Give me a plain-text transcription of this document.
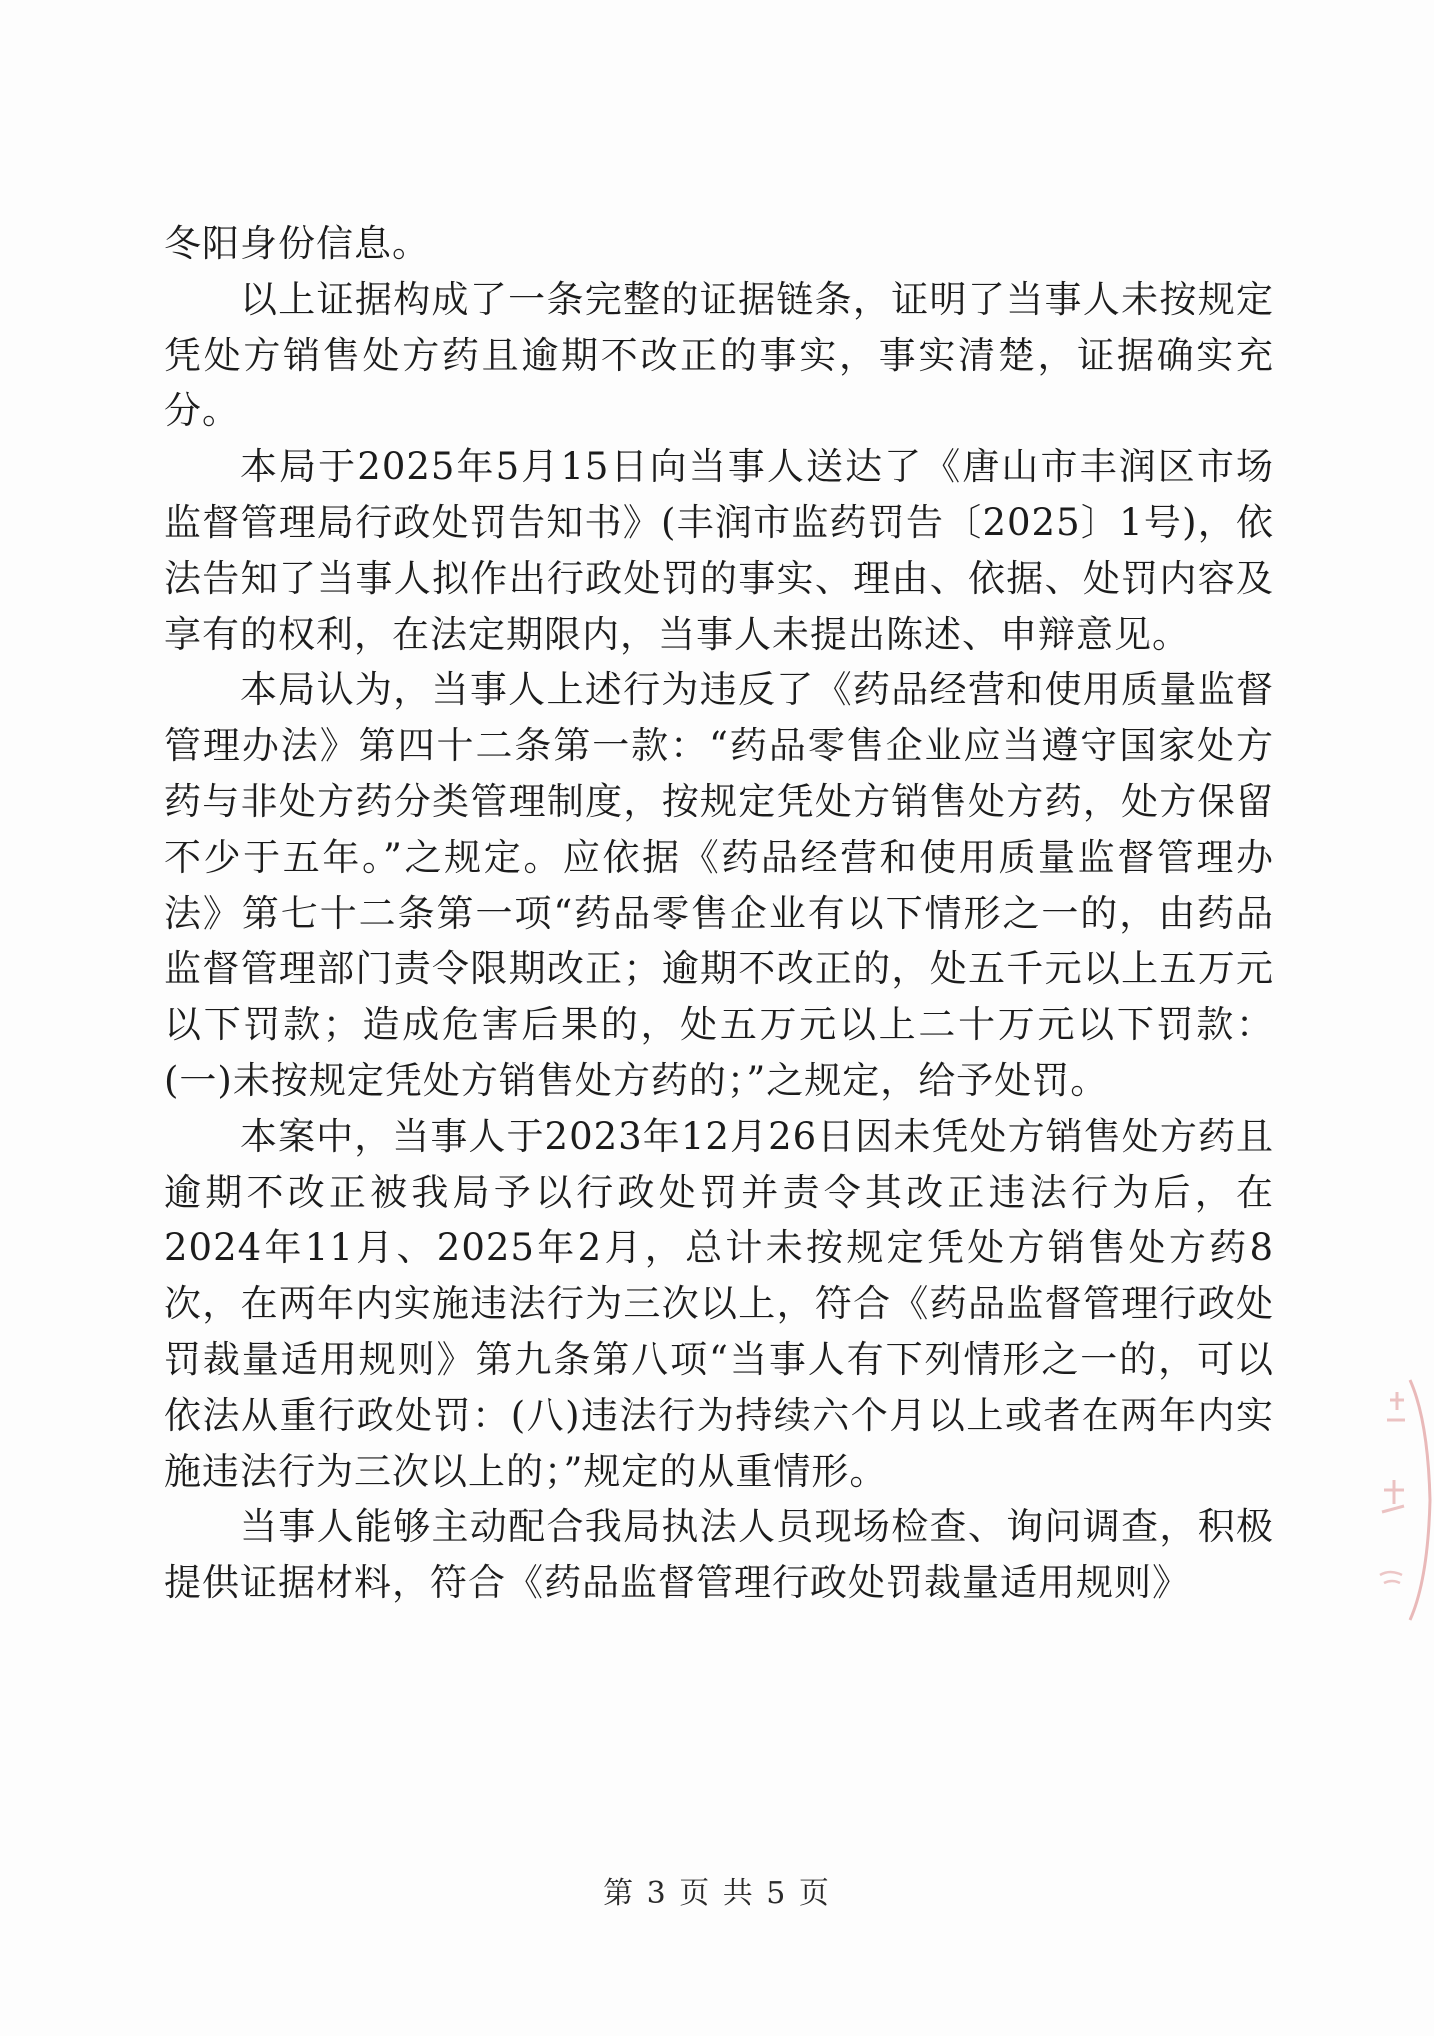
冬阳身份信息。

以上证据构成了一条完整的证据链条，证明了当事人未按规定凭处方销售处方药且逾期不改正的事实，事实清楚，证据确实充分。

本局于2025年5月15日向当事人送达了《唐山市丰润区市场监督管理局行政处罚告知书》(丰润市监药罚告〔2025〕1号)，依法告知了当事人拟作出行政处罚的事实、理由、依据、处罚内容及享有的权利，在法定期限内，当事人未提出陈述、申辩意见。

本局认为，当事人上述行为违反了《药品经营和使用质量监督管理办法》第四十二条第一款：“药品零售企业应当遵守国家处方药与非处方药分类管理制度，按规定凭处方销售处方药，处方保留不少于五年。”之规定。应依据《药品经营和使用质量监督管理办法》第七十二条第一项“药品零售企业有以下情形之一的，由药品监督管理部门责令限期改正；逾期不改正的，处五千元以上五万元以下罚款；造成危害后果的，处五万元以上二十万元以下罚款：(一)未按规定凭处方销售处方药的；”之规定，给予处罚。

本案中，当事人于2023年12月26日因未凭处方销售处方药且逾期不改正被我局予以行政处罚并责令其改正违法行为后，在2024年11月、2025年2月，总计未按规定凭处方销售处方药8次，在两年内实施违法行为三次以上，符合《药品监督管理行政处罚裁量适用规则》第九条第八项“当事人有下列情形之一的，可以依法从重行政处罚：(八)违法行为持续六个月以上或者在两年内实施违法行为三次以上的；”规定的从重情形。

当事人能够主动配合我局执法人员现场检查、询问调查，积极提供证据材料，符合《药品监督管理行政处罚裁量适用规则》

第 3 页 共 5 页
